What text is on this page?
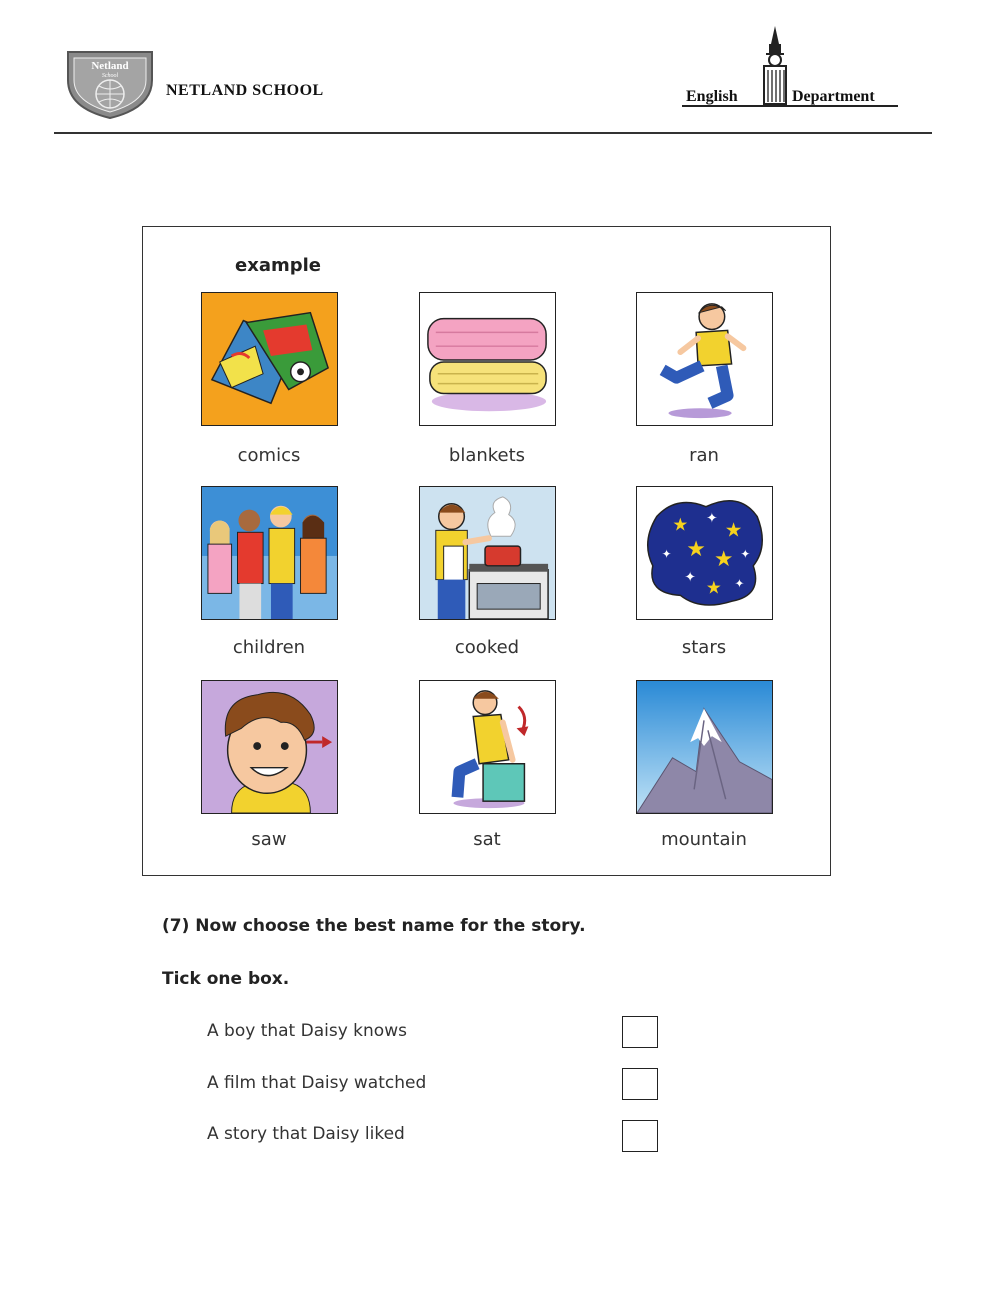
Netland
School
NETLAND SCHOOL	English	Department
example
comics	blankets	ran
children	cooked
★ ✦ ★
★
✦ ★ ✦
✦
★ ✦
stars
saw	sat	mountain
(7) Now choose the best name for the story.
Tick one box.
A boy that Daisy knows
A film that Daisy watched
A story that Daisy liked
